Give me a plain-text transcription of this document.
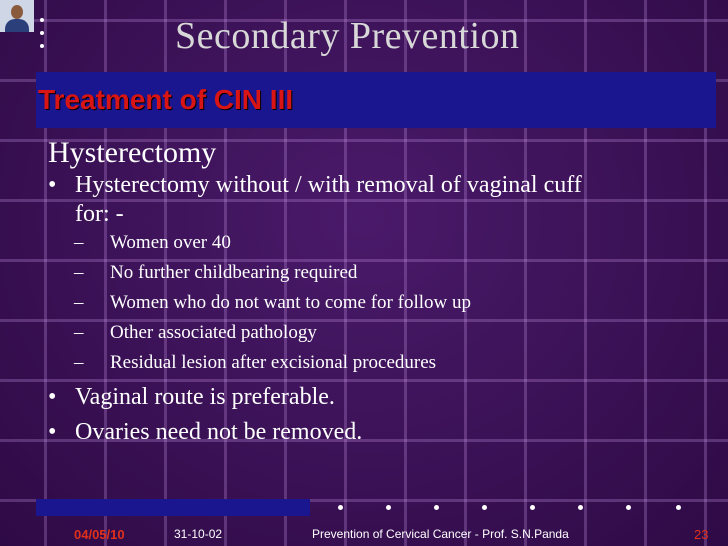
Secondary Prevention
Treatment of CIN III
Hysterectomy
• Hysterectomy without / with removal of vaginal cuff
for: -
– Women over 40
– No further childbearing required
– Women who do not want to come for follow up
– Other associated pathology
– Residual lesion after excisional procedures
• Vaginal route is preferable.
• Ovaries need not be removed.
04/05/10	31-10-02	Prevention of Cervical Cancer - Prof. S.N.Panda	23
